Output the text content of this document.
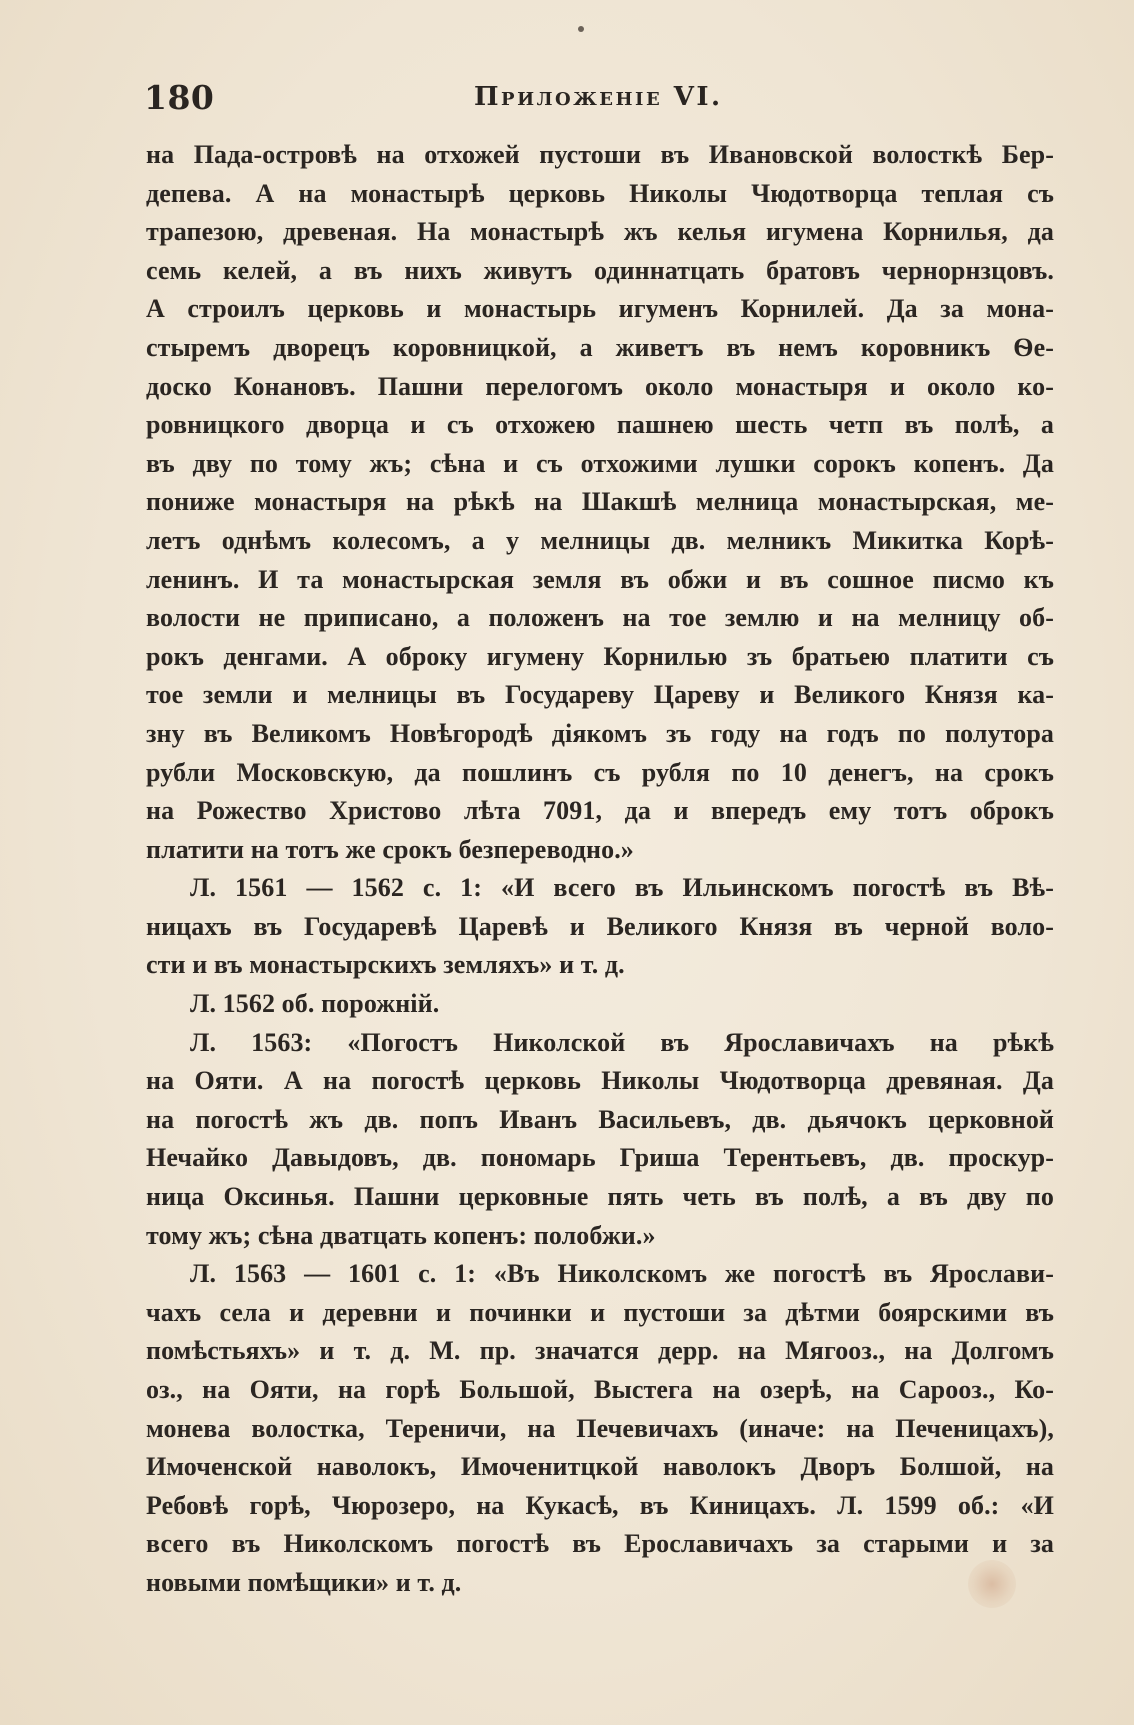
180	Приложеніе VI.
на Пада-островѣ на отхожей пустоши въ Ивановской волосткѣ Бер-
депева. А на монастырѣ церковь Николы Чюдотворца теплая съ
трапезою, древеная. На монастырѣ жъ келья игумена Корнилья, да
семь келей, а въ нихъ живутъ одиннатцать братовъ чернорнзцовъ.
А строилъ церковь и монастырь игуменъ Корнилей. Да за мона-
стыремъ дворецъ коровницкой, а живетъ въ немъ коровникъ Ѳе-
доско Конановъ. Пашни перелогомъ около монастыря и около ко-
ровницкого дворца и съ отхожею пашнею шесть четп въ полѣ, а
въ дву по тому жъ; сѣна и съ отхожими лушки сорокъ копенъ. Да
пониже монастыря на рѣкѣ на Шакшѣ мелница монастырская, ме-
летъ однѣмъ колесомъ, а у мелницы дв. мелникъ Микитка Корѣ-
ленинъ. И та монастырская земля въ обжи и въ сошное писмо къ
волости не приписано, а положенъ на тое землю и на мелницу об-
рокъ денгами. А оброку игумену Корнилью зъ братьею платити съ
тое земли и мелницы въ Государеву Цареву и Великого Князя ка-
зну въ Великомъ Новѣгородѣ діякомъ зъ году на годъ по полутора
рубли Московскую, да пошлинъ съ рубля по 10 денегъ, на срокъ
на Рожество Христово лѣта 7091, да и впередъ ему тотъ оброкъ
платити на тотъ же срокъ безпереводно.»
Л. 1561 — 1562 с. 1: «И всего въ Ильинскомъ погостѣ въ Вѣ-
ницахъ въ Государевѣ Царевѣ и Великого Князя въ черной воло-
сти и въ монастырскихъ земляхъ» и т. д.
Л. 1562 об. порожній.
Л. 1563: «Погостъ Николской въ Ярославичахъ на рѣкѣ
на Ояти. А на погостѣ церковь Николы Чюдотворца древяная. Да
на погостѣ жъ дв. попъ Иванъ Васильевъ, дв. дьячокъ церковной
Нечайко Давыдовъ, дв. пономарь Гриша Терентьевъ, дв. проскур-
ница Оксинья. Пашни церковные пять четь въ полѣ, а въ дву по
тому жъ; сѣна дватцать копенъ: полобжи.»
Л. 1563 — 1601 с. 1: «Въ Николскомъ же погостѣ въ Ярослави-
чахъ села и деревни и починки и пустоши за дѣтми боярскими въ
помѣстьяхъ» и т. д. М. пр. значатся дерр. на Мягооз., на Долгомъ
оз., на Ояти, на горѣ Большой, Выстега на озерѣ, на Сарооз., Ко-
монева волостка, Тереничи, на Печевичахъ (иначе: на Печеницахъ),
Имоченской наволокъ, Имоченитцкой наволокъ Дворъ Болшой, на
Ребовѣ горѣ, Чюрозеро, на Кукасѣ, въ Киницахъ. Л. 1599 об.: «И
всего въ Николскомъ погостѣ въ Ерославичахъ за старыми и за
новыми помѣщики» и т. д.
